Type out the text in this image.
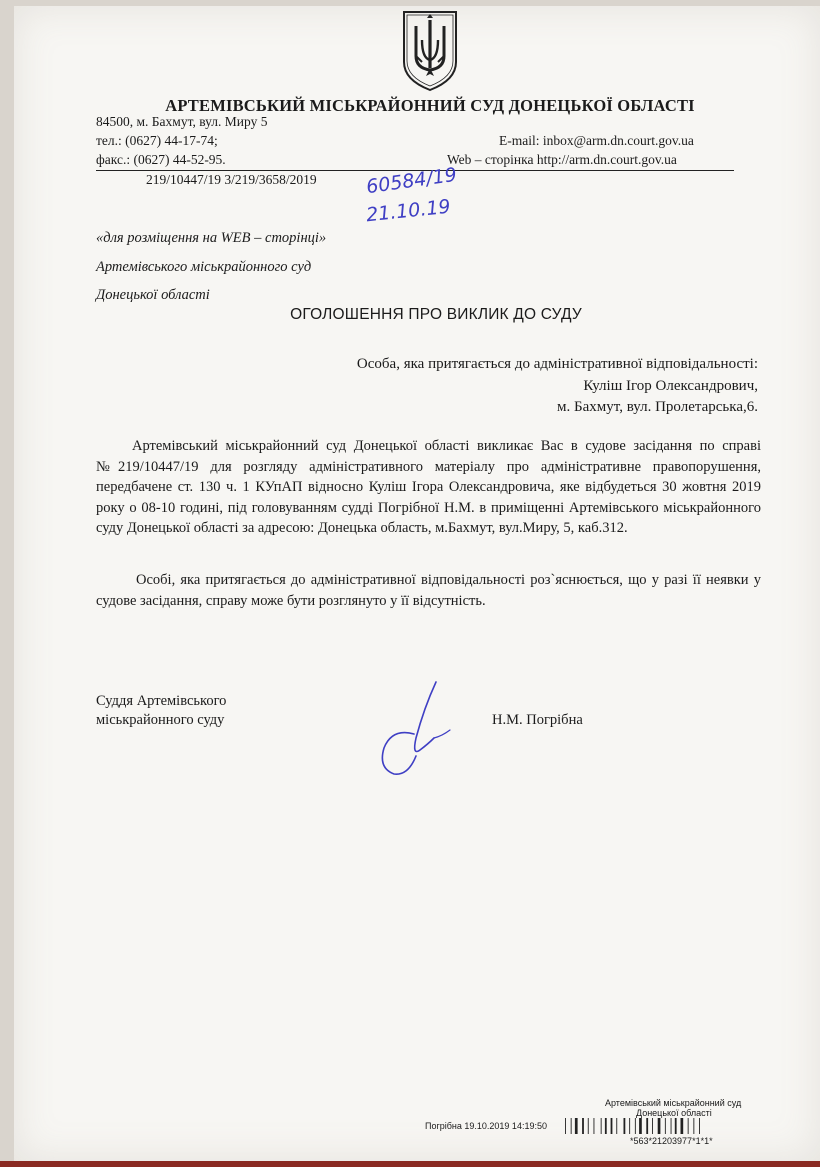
АРТЕМІВСЬКИЙ МІСЬКРАЙОННИЙ СУД ДОНЕЦЬКОЇ ОБЛАСТІ
84500, м. Бахмут, вул. Миру 5
тел.: (0627) 44-17-74;	E-mail: inbox@arm.dn.court.gov.ua
факс.: (0627) 44-52-95.	Web – сторінка http://arm.dn.court.gov.ua
219/10447/19 3/219/3658/2019	60584/19
21.10.19
«для розміщення на WEB – сторінці»
Артемівського міськрайонного суд
Донецької області
ОГОЛОШЕННЯ ПРО ВИКЛИК ДО СУДУ
Особа, яка притягається до адміністративної відповідальності:
Куліш Ігор Олександрович,
м. Бахмут, вул. Пролетарська,6.

Артемівський міськрайонний суд Донецької області викликає Вас в судове засідання по справі №219/10447/19 для розгляду адміністративного матеріалу про адміністративне правопорушення, передбачене ст. 130 ч. 1 КУпАП відносно Куліш Ігора Олександровича, яке відбудеться 30 жовтня 2019 року о 08-10 годині, під головуванням судді Погрібної Н.М. в приміщенні Артемівського міськрайонного суду Донецької області за адресою: Донецька область, м.Бахмут, вул.Миру, 5, каб.312.

Особі, яка притягається до адміністративної відповідальності роз`яснюється, що у разі її неявки у судове засідання, справу може бути розглянуто у її відсутність.

Суддя Артемівського
міськрайонного суду	Н.М. Погрібна
Артемівський міськрайонний суд
Донецької області
Погрібна 19.10.2019 14:19:50
*563*21203977*1*1*
